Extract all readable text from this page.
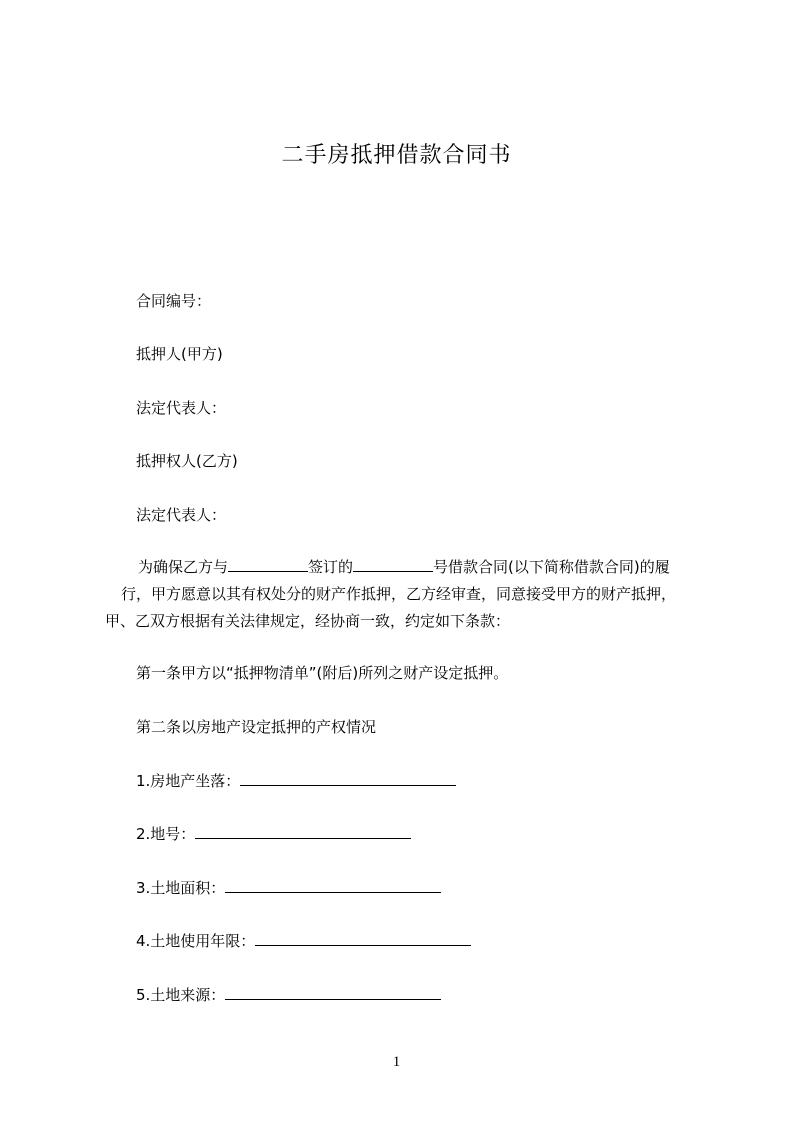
二手房抵押借款合同书
合同编号：
抵押人(甲方)
法定代表人：
抵押权人(乙方)
法定代表人：
为确保乙方与	签订的	号借款合同(以下简称借款合同)的履
行，甲方愿意以其有权处分的财产作抵押，乙方经审查，同意接受甲方的财产抵押，
甲、乙双方根据有关法律规定，经协商一致，约定如下条款：
第一条甲方以“抵押物清单”(附后)所列之财产设定抵押。
第二条以房地产设定抵押的产权情况
1.房地产坐落：
2.地号：
3.土地面积：
4.土地使用年限：
5.土地来源：
1
